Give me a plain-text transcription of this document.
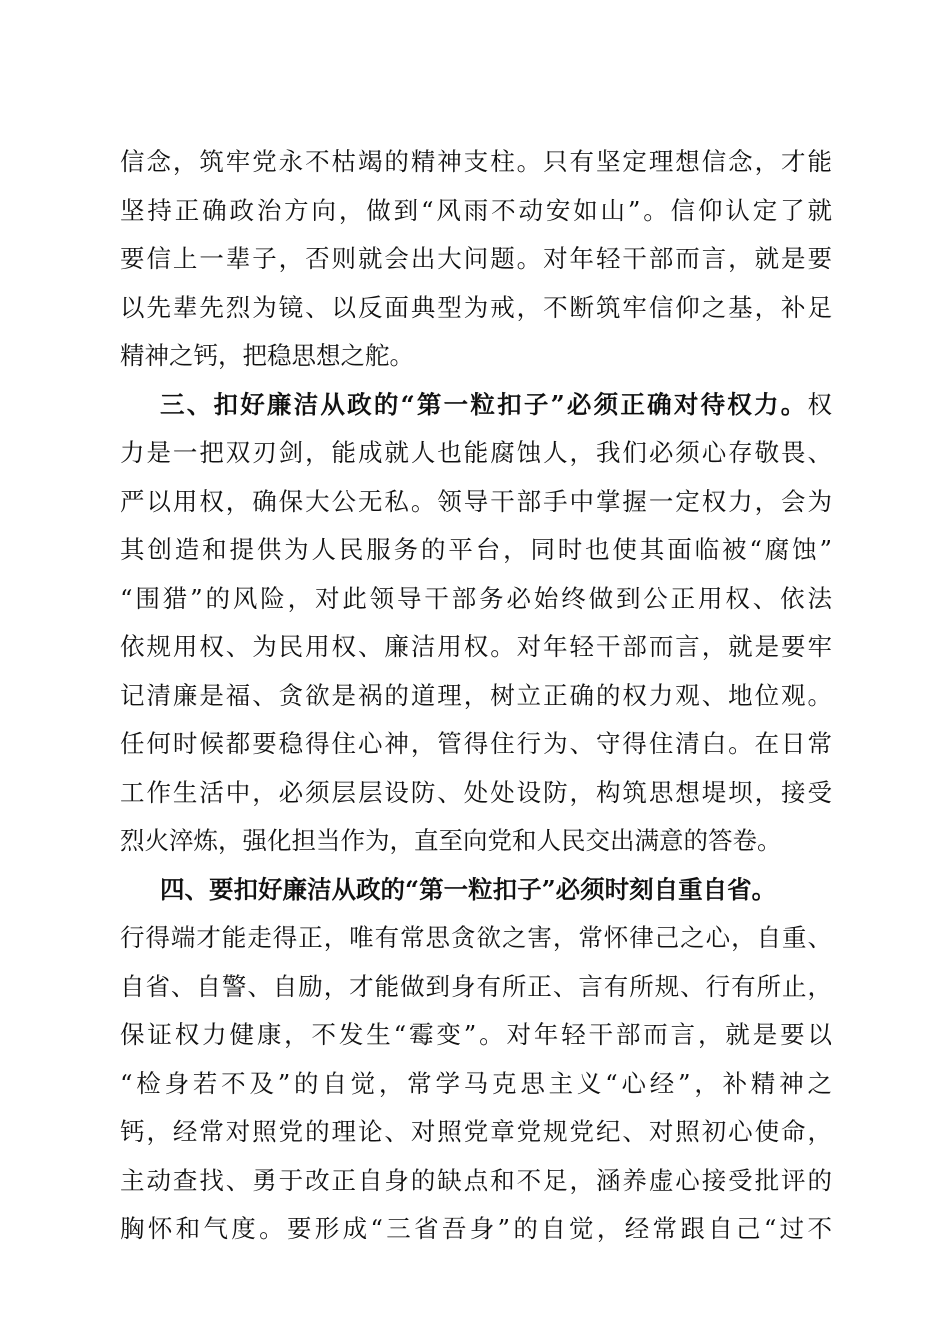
信念，筑牢党永不枯竭的精神支柱。只有坚定理想信念，才能
坚持正确政治方向，做到“风雨不动安如山”。信仰认定了就
要信上一辈子，否则就会出大问题。对年轻干部而言，就是要
以先辈先烈为镜、以反面典型为戒，不断筑牢信仰之基，补足
精神之钙，把稳思想之舵。
三、扣好廉洁从政的“第一粒扣子”必须正确对待权力。权
力是一把双刃剑，能成就人也能腐蚀人，我们必须心存敬畏、
严以用权，确保大公无私。领导干部手中掌握一定权力，会为
其创造和提供为人民服务的平台，同时也使其面临被“腐蚀”
“围猎”的风险，对此领导干部务必始终做到公正用权、依法
依规用权、为民用权、廉洁用权。对年轻干部而言，就是要牢
记清廉是福、贪欲是祸的道理，树立正确的权力观、地位观。
任何时候都要稳得住心神，管得住行为、守得住清白。在日常
工作生活中，必须层层设防、处处设防，构筑思想堤坝，接受
烈火淬炼，强化担当作为，直至向党和人民交出满意的答卷。
四、要扣好廉洁从政的“第一粒扣子”必须时刻自重自省。
行得端才能走得正，唯有常思贪欲之害，常怀律己之心，自重、
自省、自警、自励，才能做到身有所正、言有所规、行有所止，
保证权力健康，不发生“霉变”。对年轻干部而言，就是要以
“检身若不及”的自觉，常学马克思主义“心经”，补精神之
钙，经常对照党的理论、对照党章党规党纪、对照初心使命，
主动查找、勇于改正自身的缺点和不足，涵养虚心接受批评的
胸怀和气度。要形成“三省吾身”的自觉，经常跟自己“过不
